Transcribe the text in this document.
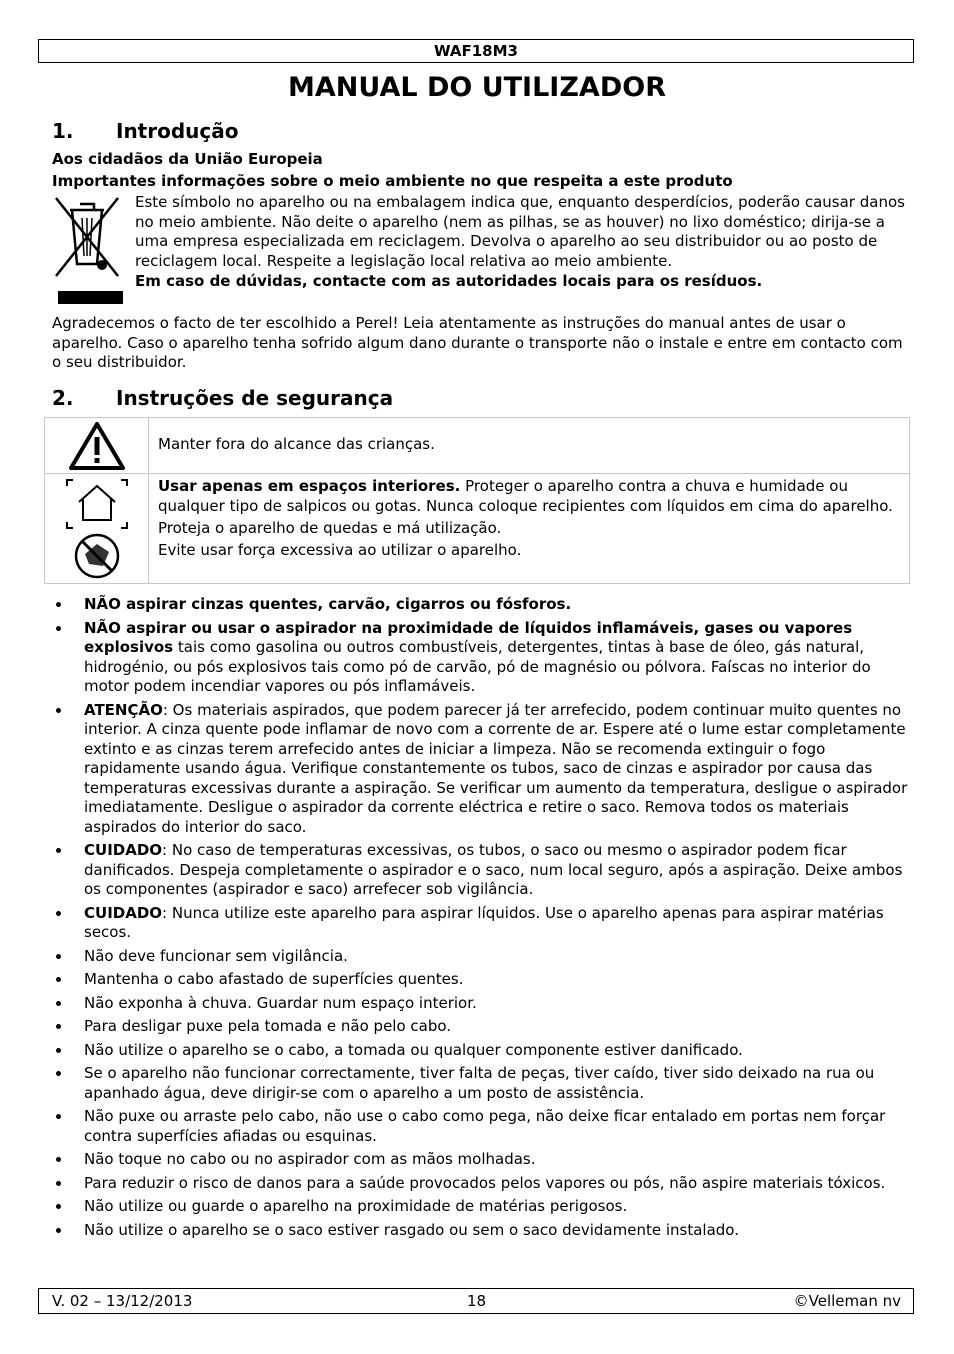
WAF18M3
MANUAL DO UTILIZADOR
1. Introdução
Aos cidadãos da União Europeia
Importantes informações sobre o meio ambiente no que respeita a este produto
Este símbolo no aparelho ou na embalagem indica que, enquanto desperdícios, poderão causar danos no meio ambiente. Não deite o aparelho (nem as pilhas, se as houver) no lixo doméstico; dirija-se a uma empresa especializada em reciclagem. Devolva o aparelho ao seu distribuidor ou ao posto de reciclagem local. Respeite a legislação local relativa ao meio ambiente.
Em caso de dúvidas, contacte com as autoridades locais para os resíduos.
Agradecemos o facto de ter escolhido a Perel! Leia atentamente as instruções do manual antes de usar o aparelho. Caso o aparelho tenha sofrido algum dano durante o transporte não o instale e entre em contacto com o seu distribuidor.
2. Instruções de segurança

Manter fora do alcance das crianças.

Usar apenas em espaços interiores. Proteger o aparelho contra a chuva e humidade ou qualquer tipo de salpicos ou gotas. Nunca coloque recipientes com líquidos em cima do aparelho.

Proteja o aparelho de quedas e má utilização.

Evite usar força excessiva ao utilizar o aparelho.

NÃO aspirar cinzas quentes, carvão, cigarros ou fósforos.
NÃO aspirar ou usar o aspirador na proximidade de líquidos inflamáveis, gases ou vapores explosivos tais como gasolina ou outros combustíveis, detergentes, tintas à base de óleo, gás natural, hidrogénio, ou pós explosivos tais como pó de carvão, pó de magnésio ou pólvora. Faíscas no interior do motor podem incendiar vapores ou pós inflamáveis.
ATENÇÃO: Os materiais aspirados, que podem parecer já ter arrefecido, podem continuar muito quentes no interior. A cinza quente pode inflamar de novo com a corrente de ar. Espere até o lume estar completamente extinto e as cinzas terem arrefecido antes de iniciar a limpeza. Não se recomenda extinguir o fogo rapidamente usando água. Verifique constantemente os tubos, saco de cinzas e aspirador por causa das temperaturas excessivas durante a aspiração. Se verificar um aumento da temperatura, desligue o aspirador imediatamente. Desligue o aspirador da corrente eléctrica e retire o saco. Remova todos os materiais aspirados do interior do saco.
CUIDADO: No caso de temperaturas excessivas, os tubos, o saco ou mesmo o aspirador podem ficar danificados. Despeja completamente o aspirador e o saco, num local seguro, após a aspiração. Deixe ambos os componentes (aspirador e saco) arrefecer sob vigilância.
CUIDADO: Nunca utilize este aparelho para aspirar líquidos. Use o aparelho apenas para aspirar matérias secos.
Não deve funcionar sem vigilância.
Mantenha o cabo afastado de superfícies quentes.
Não exponha à chuva. Guardar num espaço interior.
Para desligar puxe pela tomada e não pelo cabo.
Não utilize o aparelho se o cabo, a tomada ou qualquer componente estiver danificado.
Se o aparelho não funcionar correctamente, tiver falta de peças, tiver caído, tiver sido deixado na rua ou apanhado água, deve dirigir-se com o aparelho a um posto de assistência.
Não puxe ou arraste pelo cabo, não use o cabo como pega, não deixe ficar entalado em portas nem forçar contra superfícies afiadas ou esquinas.
Não toque no cabo ou no aspirador com as mãos molhadas.
Para reduzir o risco de danos para a saúde provocados pelos vapores ou pós, não aspire materiais tóxicos.
Não utilize ou guarde o aparelho na proximidade de matérias perigosos.
Não utilize o aparelho se o saco estiver rasgado ou sem o saco devidamente instalado.
V. 02 – 13/12/2013	18	©Velleman nv
